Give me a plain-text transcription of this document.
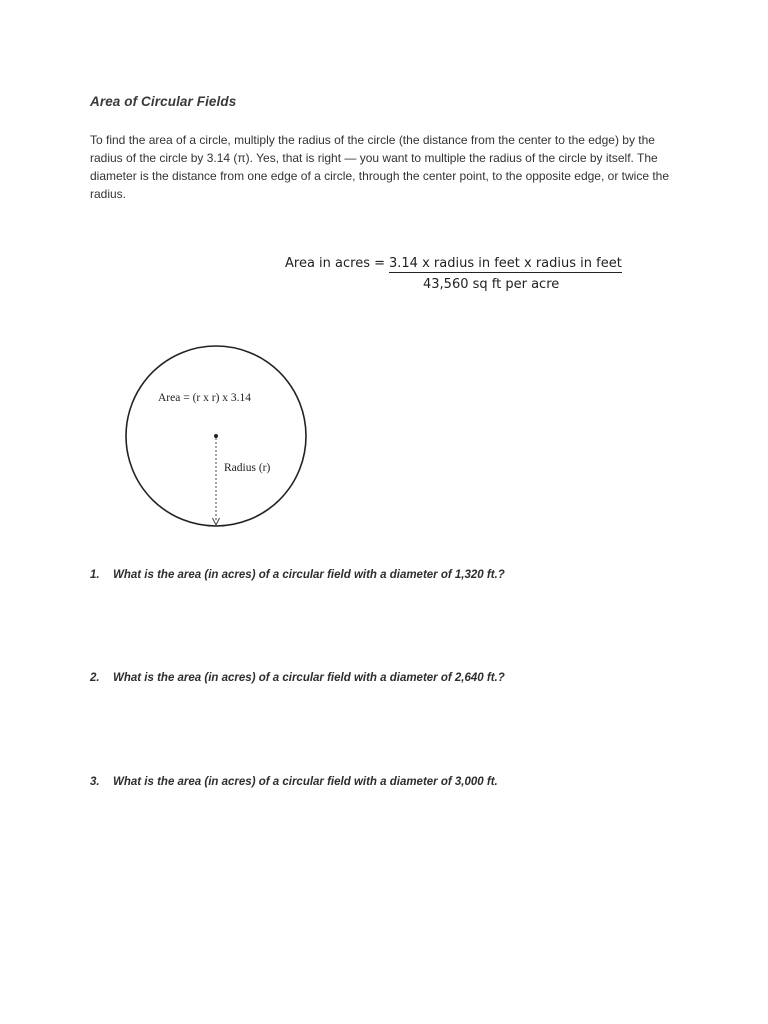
Area of Circular Fields

To find the area of a circle, multiply the radius of the circle (the distance from the center to the edge) by the radius of the circle by 3.14 (π). Yes, that is right — you want to multiple the radius of the circle by itself. The diameter is the distance from one edge of a circle, through the center point, to the opposite edge, or twice the radius.

Area in acres = 3.14 x radius in feet x radius in feet
43,560 sq ft per acre
Area = (r x r) x 3.14
Radius (r)
1. What is the area (in acres) of a circular field with a diameter of 1,320 ft.?
2. What is the area (in acres) of a circular field with a diameter of 2,640 ft.?
3. What is the area (in acres) of a circular field with a diameter of 3,000 ft.
